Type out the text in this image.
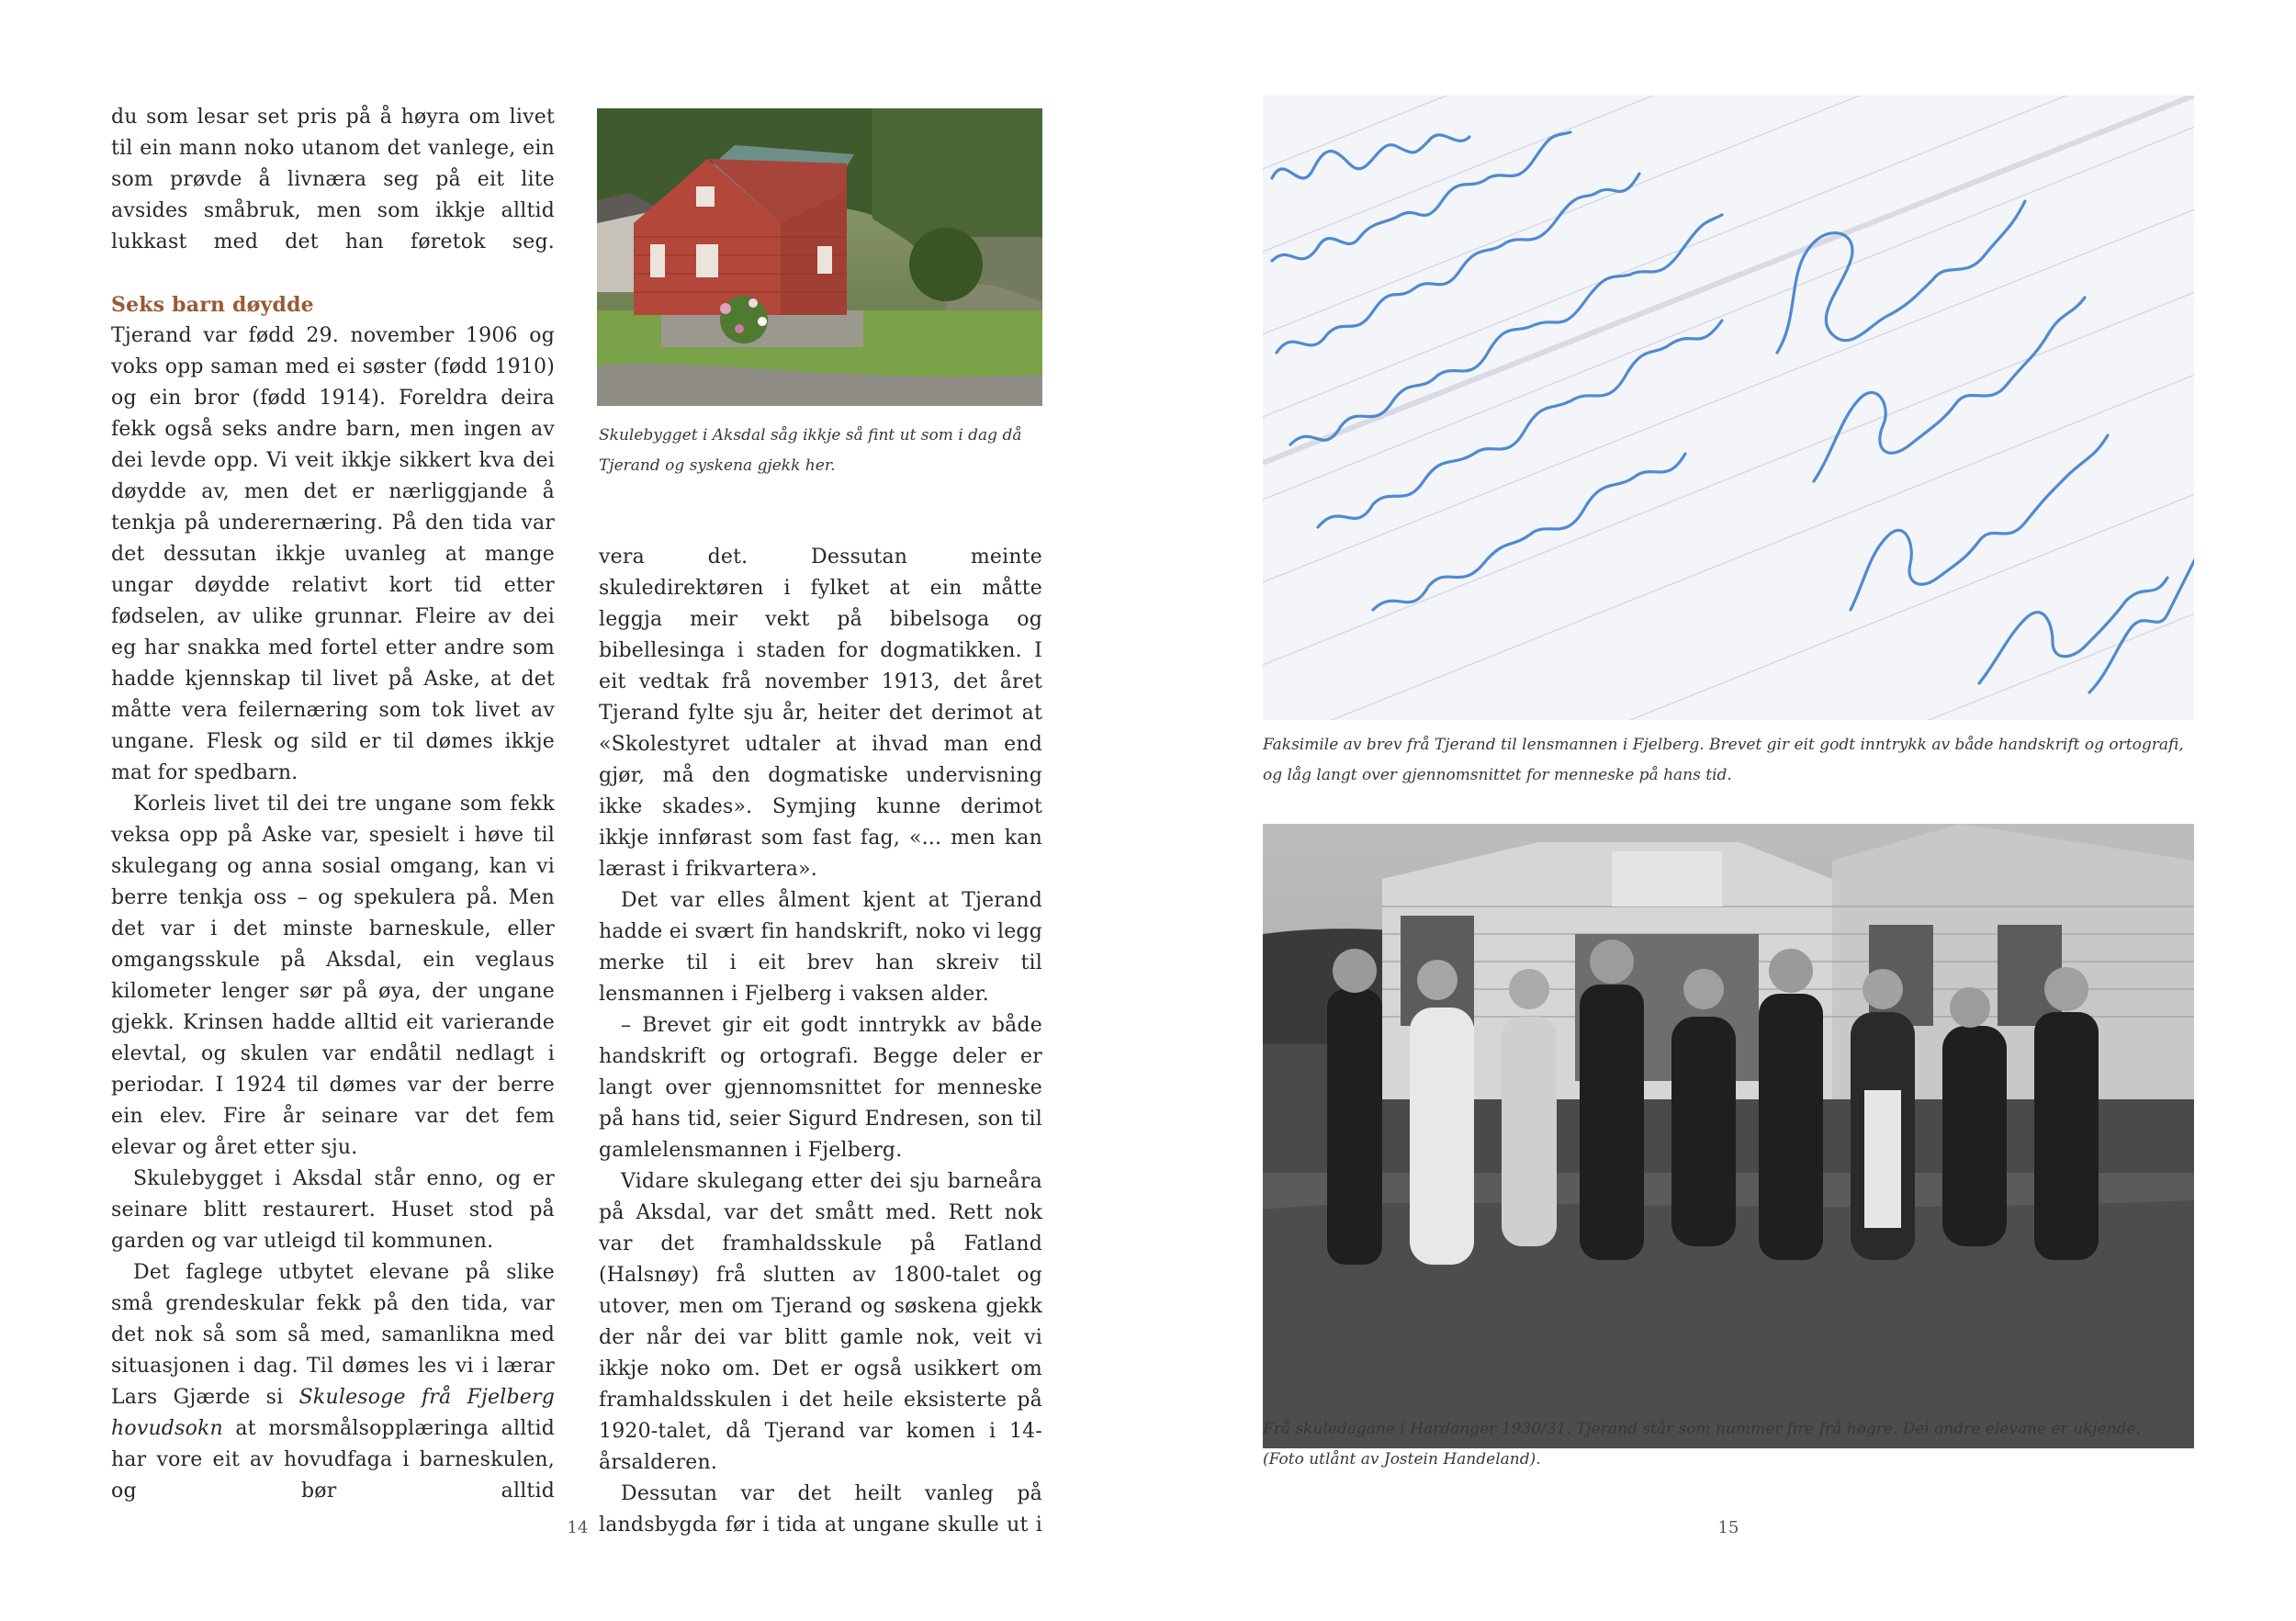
du som lesar set pris på å høyra om livet til ein mann noko utanom det vanlege, ein som prøvde å livnæra seg på eit lite avsides småbruk, men som ikkje alltid lukkast med det han føretok seg.

Seks barn døydde

Tjerand var fødd 29. november 1906 og voks opp saman med ei søster (fødd 1910) og ein bror (fødd 1914). Foreldra deira fekk også seks andre barn, men ingen av dei levde opp. Vi veit ikkje sikkert kva dei døydde av, men det er nærliggjande å tenkja på underernæring. På den tida var det dessutan ikkje uvanleg at mange ungar døydde relativt kort tid etter fødselen, av ulike grunnar. Fleire av dei eg har snakka med fortel etter andre som hadde kjennskap til livet på Aske, at det måtte vera feilernæring som tok livet av ungane. Flesk og sild er til dømes ikkje mat for spedbarn.

Korleis livet til dei tre ungane som fekk veksa opp på Aske var, spesielt i høve til skulegang og anna sosial omgang, kan vi berre tenkja oss – og spekulera på. Men det var i det minste barneskule, eller omgangsskule på Aksdal, ein veglaus kilometer lenger sør på øya, der ungane gjekk. Krinsen hadde alltid eit varierande elevtal, og skulen var endåtil nedlagt i periodar. I 1924 til dømes var der berre ein elev. Fire år seinare var det fem elevar og året etter sju.

Skulebygget i Aksdal står enno, og er seinare blitt restaurert. Huset stod på garden og var utleigd til kommunen.

Det faglege utbytet elevane på slike små grendeskular fekk på den tida, var det nok så som så med, samanlikna med situasjonen i dag. Til dømes les vi i lærar Lars Gjærde si Skulesoge frå Fjelberg hovudsokn at morsmålsopplæringa alltid har vore eit av hovudfaga i barneskulen, og bør alltid

Skulebygget i Aksdal såg ikkje så fint ut som i dag då Tjerand og syskena gjekk her.

vera det. Dessutan meinte skuledirektøren i fylket at ein måtte leggja meir vekt på bibelsoga og bibellesinga i staden for dogmatikken. I eit vedtak frå november 1913, det året Tjerand fylte sju år, heiter det derimot at «Skolestyret udtaler at ihvad man end gjør, må den dogmatiske undervisning ikke skades». Symjing kunne derimot ikkje innførast som fast fag, «... men kan lærast i frikvartera».

Det var elles ålment kjent at Tjerand hadde ei svært fin handskrift, noko vi legg merke til i eit brev han skreiv til lensmannen i Fjelberg i vaksen alder.

– Brevet gir eit godt inntrykk av både handskrift og ortografi. Begge deler er langt over gjennomsnittet for menneske på hans tid, seier Sigurd Endresen, son til gamlelensmannen i Fjelberg.

Vidare skulegang etter dei sju barneåra på Aksdal, var det smått med. Rett nok var det framhaldsskule på Fatland (Halsnøy) frå slutten av 1800-talet og utover, men om Tjerand og søskena gjekk der når dei var blitt gamle nok, veit vi ikkje noko om. Det er også usikkert om framhaldsskulen i det heile eksisterte på 1920-talet, då Tjerand var komen i 14-årsalderen.

Dessutan var det heilt vanleg på landsbygda før i tida at ungane skulle ut i

14
Faksimile av brev frå Tjerand til lensmannen i Fjelberg. Brevet gir eit godt inntrykk av både handskrift og ortografi, og låg langt over gjennomsnittet for menneske på hans tid.
Frå skuledagane i Hardanger 1930/31. Tjerand står som nummer fire frå høgre. Dei andre elevane er ukjende.
(Foto utlånt av Jostein Handeland).
15
